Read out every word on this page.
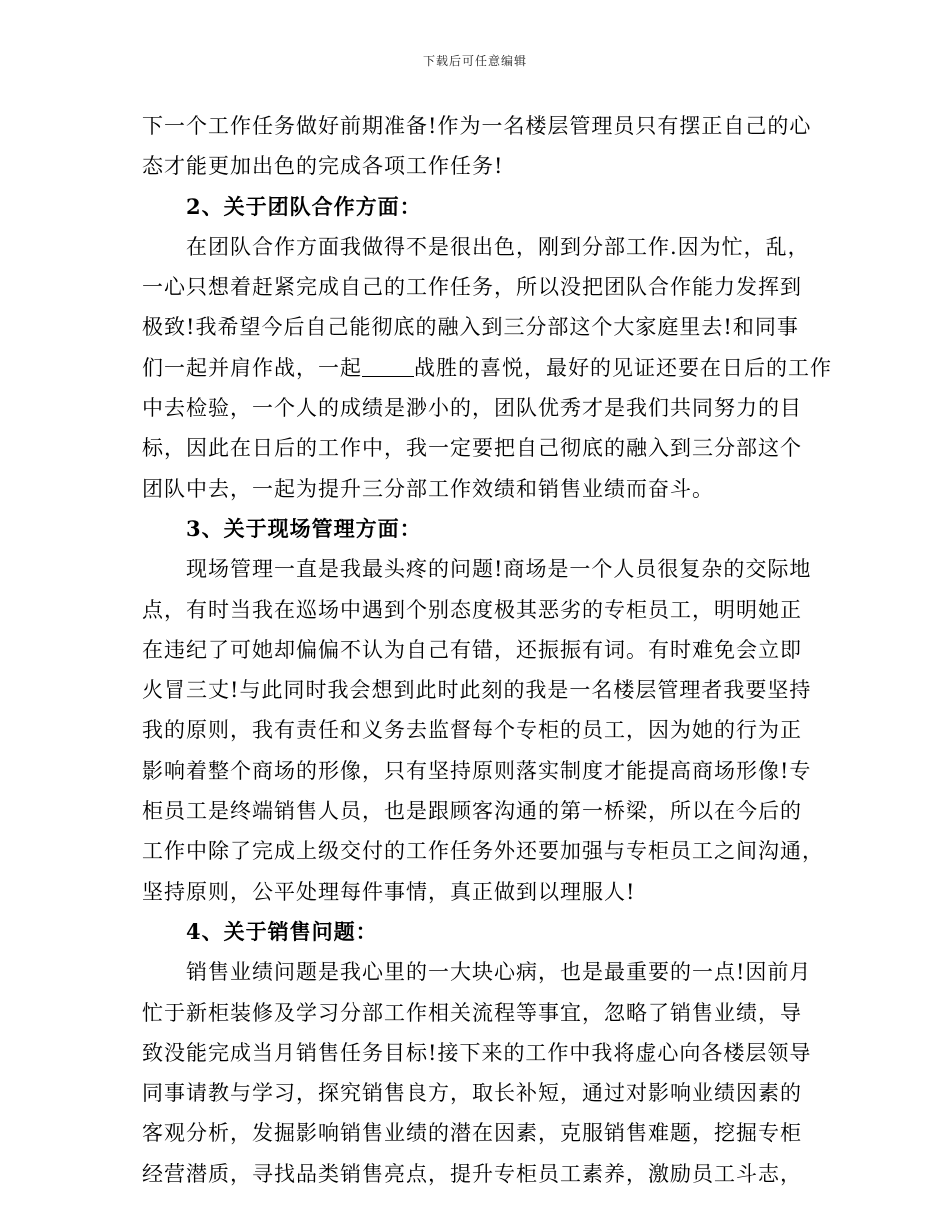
下载后可任意编辑
下一个工作任务做好前期准备!作为一名楼层管理员只有摆正自己的心
态才能更加出色的完成各项工作任务!
2、关于团队合作方面：
在团队合作方面我做得不是很出色，刚到分部工作.因为忙，乱，
一心只想着赶紧完成自己的工作任务，所以没把团队合作能力发挥到
极致!我希望今后自己能彻底的融入到三分部这个大家庭里去!和同事
们一起并肩作战，一起 战胜的喜悦，最好的见证还要在日后的工作
中去检验，一个人的成绩是渺小的，团队优秀才是我们共同努力的目
标，因此在日后的工作中，我一定要把自己彻底的融入到三分部这个
团队中去，一起为提升三分部工作效绩和销售业绩而奋斗。
3、关于现场管理方面：
现场管理一直是我最头疼的问题!商场是一个人员很复杂的交际地
点，有时当我在巡场中遇到个别态度极其恶劣的专柜员工，明明她正
在违纪了可她却偏偏不认为自己有错，还振振有词。有时难免会立即
火冒三丈!与此同时我会想到此时此刻的我是一名楼层管理者我要坚持
我的原则，我有责任和义务去监督每个专柜的员工，因为她的行为正
影响着整个商场的形像，只有坚持原则落实制度才能提高商场形像!专
柜员工是终端销售人员，也是跟顾客沟通的第一桥梁，所以在今后的
工作中除了完成上级交付的工作任务外还要加强与专柜员工之间沟通，
坚持原则，公平处理每件事情，真正做到以理服人!
4、关于销售问题：
销售业绩问题是我心里的一大块心病，也是最重要的一点!因前月
忙于新柜装修及学习分部工作相关流程等事宜，忽略了销售业绩，导
致没能完成当月销售任务目标!接下来的工作中我将虚心向各楼层领导
同事请教与学习，探究销售良方，取长补短，通过对影响业绩因素的
客观分析，发掘影响销售业绩的潜在因素，克服销售难题，挖掘专柜
经营潜质，寻找品类销售亮点，提升专柜员工素养，激励员工斗志，
